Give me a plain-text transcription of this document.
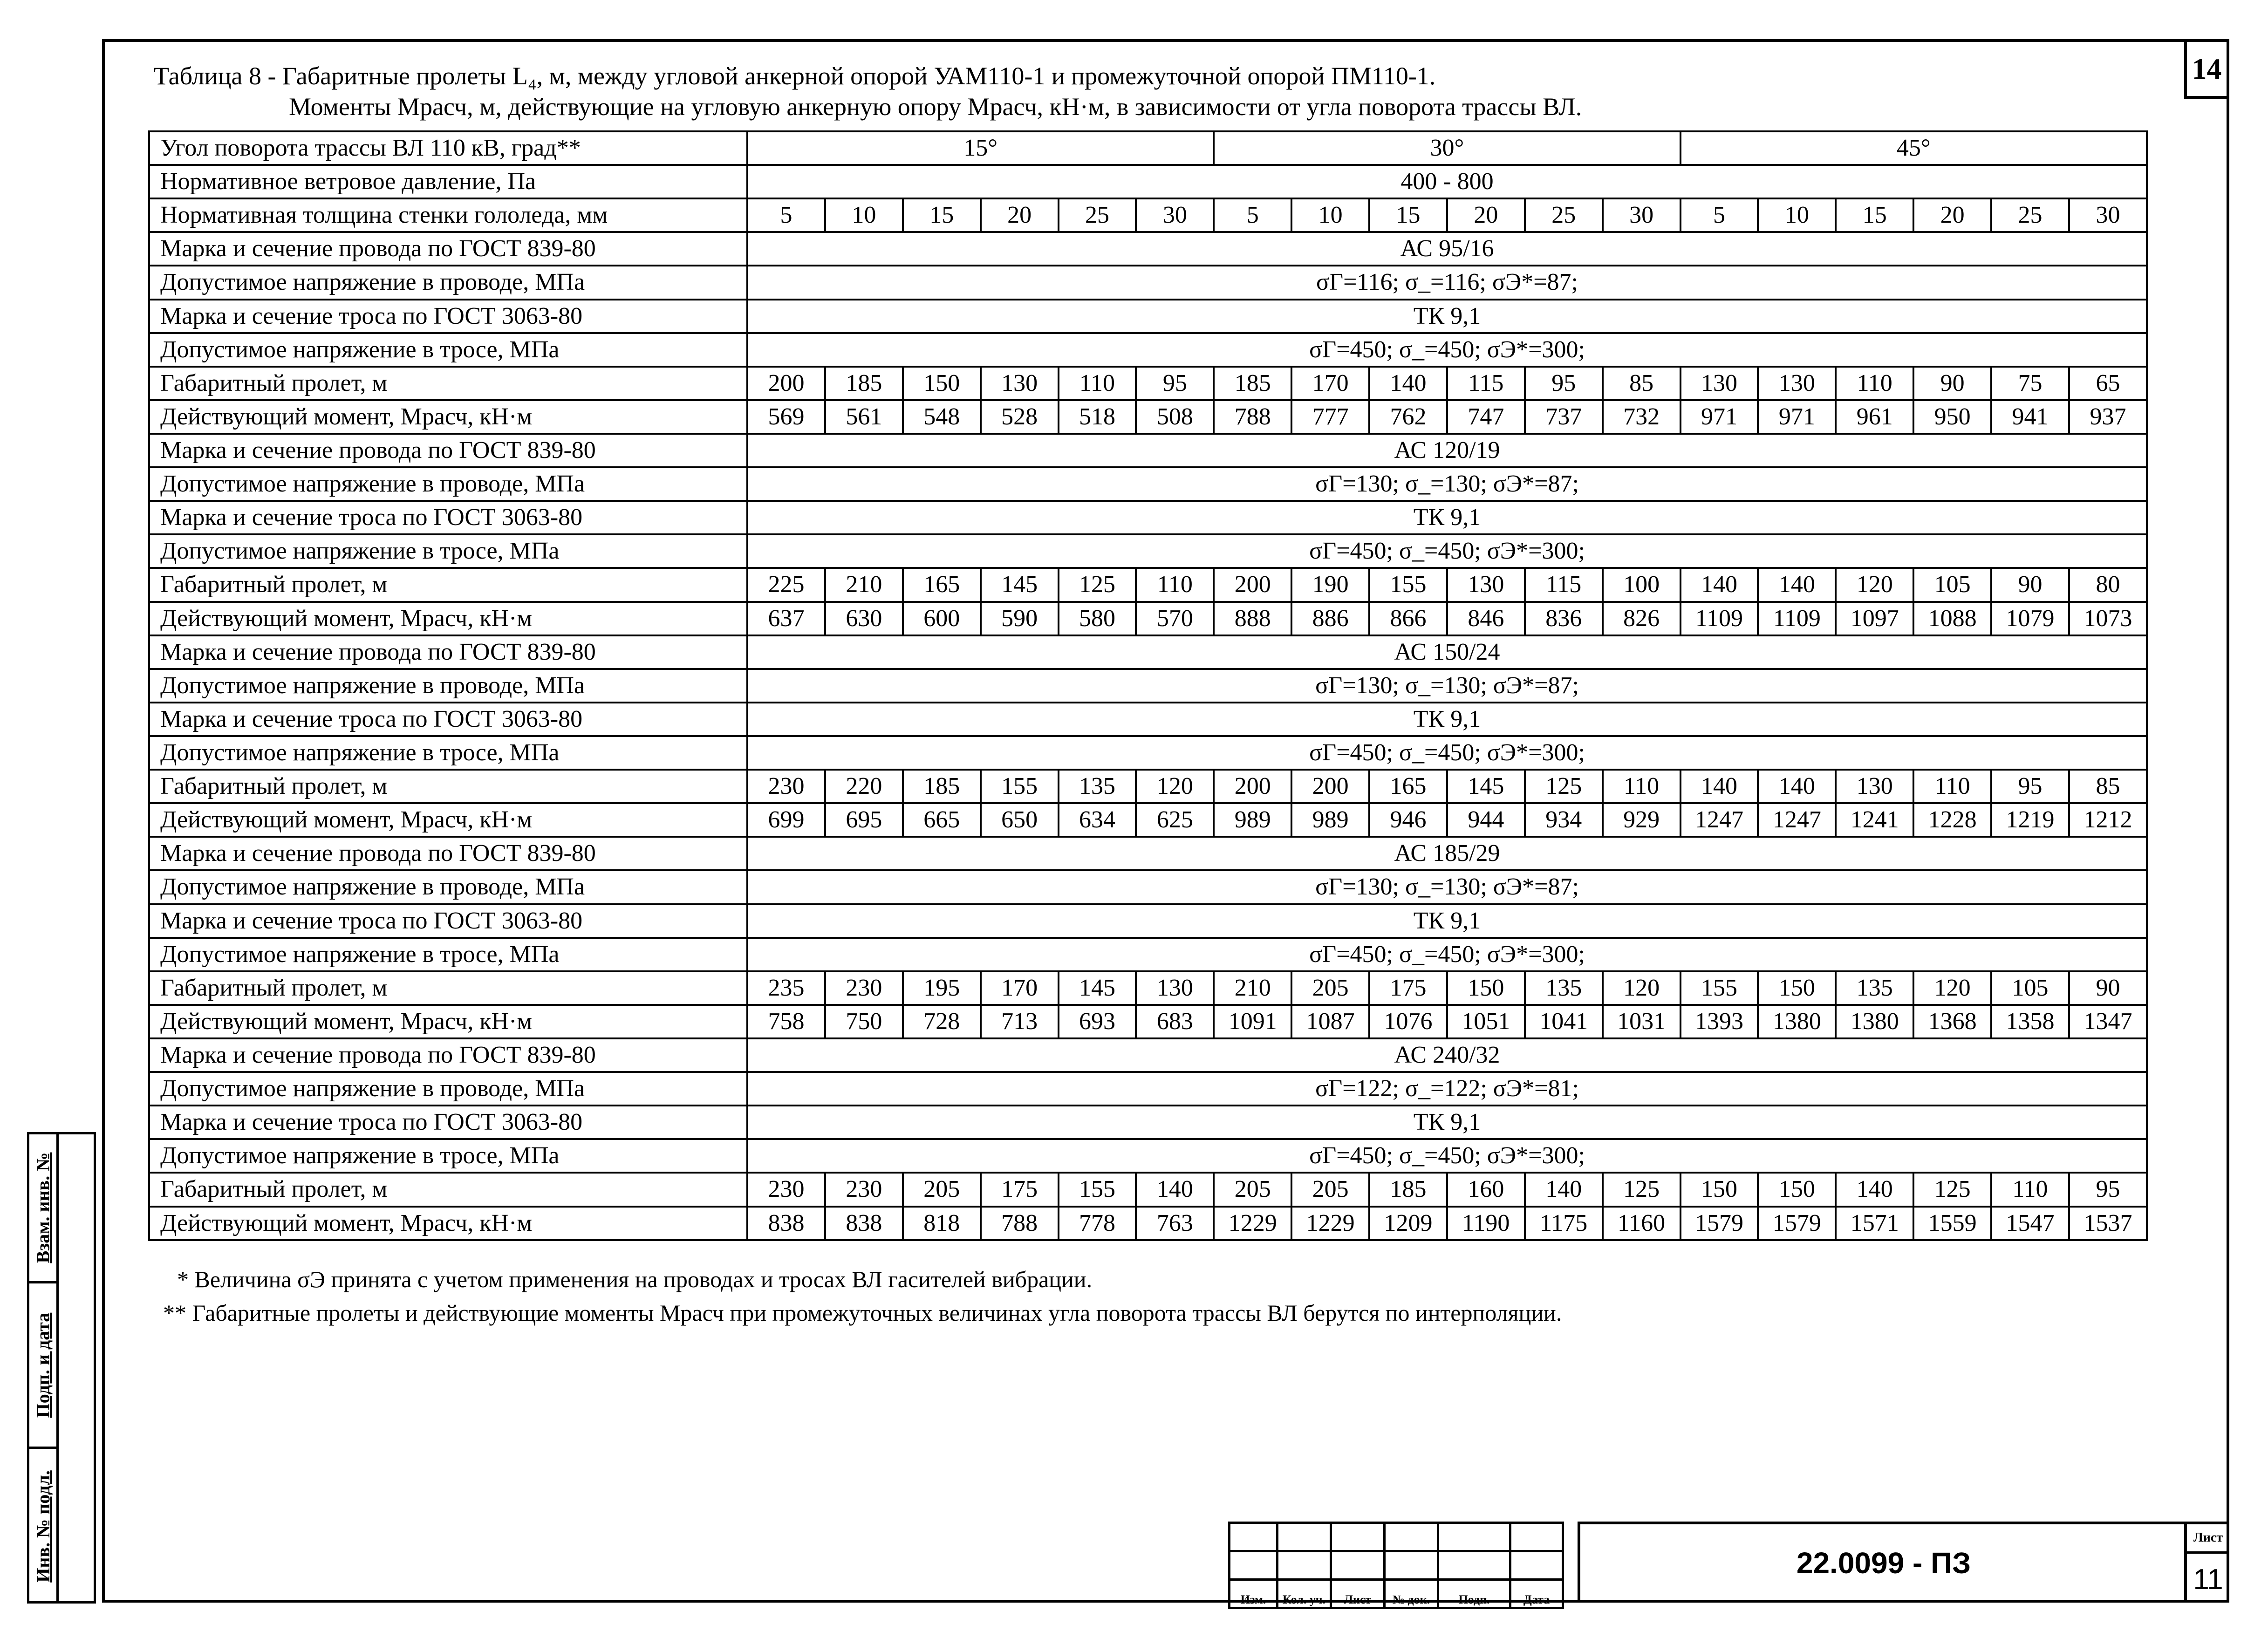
14
Таблица 8 - Габаритные пролеты L₄, м, между угловой анкерной опорой УАМ110-1 и промежуточной опорой ПМ110-1.
Моменты Mрасч, м, действующие на угловую анкерную опору Mрасч, кН·м, в зависимости от угла поворота трассы ВЛ.
Угол поворота трассы ВЛ 110 кВ, град**	15°						30°						45°					
Нормативное ветровое давление, Па	400 - 800																	
Нормативная толщина стенки гололеда, мм	5	10	15	20	25	30	5	10	15	20	25	30	5	10	15	20	25	30
Марка и сечение провода по ГОСТ 839-80	АС 95/16																	
Допустимое напряжение в проводе, МПа	σГ=116; σ_=116; σЭ*=87;																	
Марка и сечение троса по ГОСТ 3063-80	ТК 9,1																	
Допустимое напряжение в тросе, МПа	σГ=450; σ_=450; σЭ*=300;																	
Габаритный пролет, м	200	185	150	130	110	95	185	170	140	115	95	85	130	130	110	90	75	65
Действующий момент, Mрасч, кН·м	569	561	548	528	518	508	788	777	762	747	737	732	971	971	961	950	941	937
Марка и сечение провода по ГОСТ 839-80	АС 120/19																	
Допустимое напряжение в проводе, МПа	σГ=130; σ_=130; σЭ*=87;																	
Марка и сечение троса по ГОСТ 3063-80	ТК 9,1																	
Допустимое напряжение в тросе, МПа	σГ=450; σ_=450; σЭ*=300;																	
Габаритный пролет, м	225	210	165	145	125	110	200	190	155	130	115	100	140	140	120	105	90	80
Действующий момент, Mрасч, кН·м	637	630	600	590	580	570	888	886	866	846	836	826	1109	1109	1097	1088	1079	1073
Марка и сечение провода по ГОСТ 839-80	АС 150/24																	
Допустимое напряжение в проводе, МПа	σГ=130; σ_=130; σЭ*=87;																	
Марка и сечение троса по ГОСТ 3063-80	ТК 9,1																	
Допустимое напряжение в тросе, МПа	σГ=450; σ_=450; σЭ*=300;																	
Габаритный пролет, м	230	220	185	155	135	120	200	200	165	145	125	110	140	140	130	110	95	85
Действующий момент, Mрасч, кН·м	699	695	665	650	634	625	989	989	946	944	934	929	1247	1247	1241	1228	1219	1212
Марка и сечение провода по ГОСТ 839-80	АС 185/29																	
Допустимое напряжение в проводе, МПа	σГ=130; σ_=130; σЭ*=87;																	
Марка и сечение троса по ГОСТ 3063-80	ТК 9,1																	
Допустимое напряжение в тросе, МПа	σГ=450; σ_=450; σЭ*=300;																	
Габаритный пролет, м	235	230	195	170	145	130	210	205	175	150	135	120	155	150	135	120	105	90
Действующий момент, Mрасч, кН·м	758	750	728	713	693	683	1091	1087	1076	1051	1041	1031	1393	1380	1380	1368	1358	1347
Марка и сечение провода по ГОСТ 839-80	АС 240/32																	
Допустимое напряжение в проводе, МПа	σГ=122; σ_=122; σЭ*=81;																	
Марка и сечение троса по ГОСТ 3063-80	ТК 9,1																	
Допустимое напряжение в тросе, МПа	σГ=450; σ_=450; σЭ*=300;																	
Габаритный пролет, м	230	230	205	175	155	140	205	205	185	160	140	125	150	150	140	125	110	95
Действующий момент, Mрасч, кН·м	838	838	818	788	778	763	1229	1229	1209	1190	1175	1160	1579	1579	1571	1559	1547	1537
* Величина σЭ принята с учетом применения на проводах и тросах ВЛ гасителей вибрации.
** Габаритные пролеты и действующие моменты Mрасч при промежуточных величинах угла поворота трассы ВЛ берутся по интерполяции.
Взам. инв. №
Подп. и дата
Инв. № подл.

Изм.	Кол. уч.	Лист	№ док.	Подп.	Дата
22.0099 - ПЗ
Лист
11
